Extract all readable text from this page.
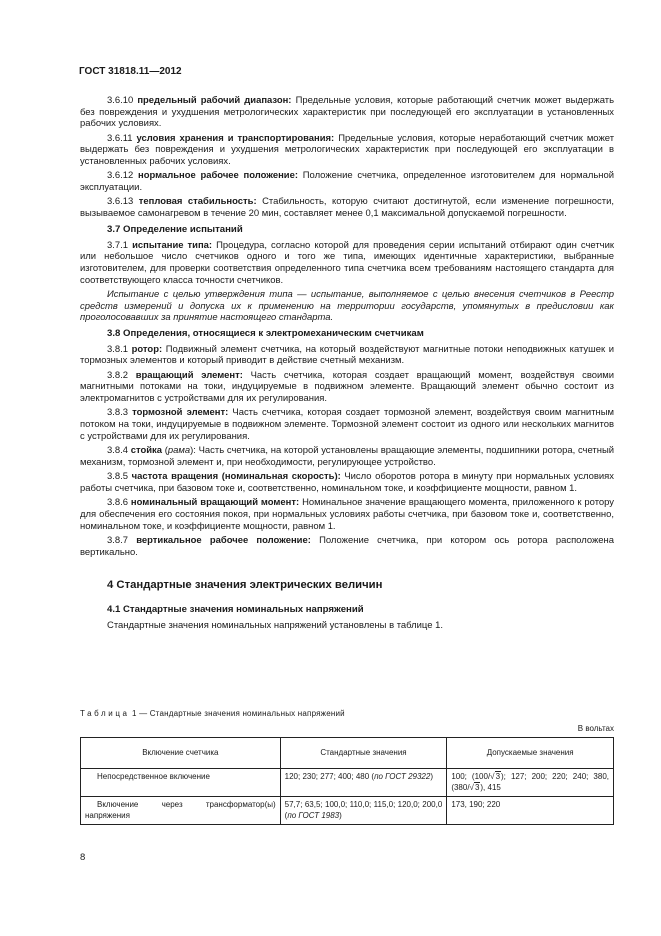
ГОСТ 31818.11—2012

3.6.10 предельный рабочий диапазон: Предельные условия, которые работающий счетчик может выдержать без повреждения и ухудшения метрологических характеристик при последующей его эксплуатации в установленных рабочих условиях.

3.6.11 условия хранения и транспортирования: Предельные условия, которые неработающий счетчик может выдержать без повреждения и ухудшения метрологических характеристик при последующей его эксплуатации в установленных рабочих условиях.

3.6.12 нормальное рабочее положение: Положение счетчика, определенное изготовителем для нормальной эксплуатации.

3.6.13 тепловая стабильность: Стабильность, которую считают достигнутой, если изменение погрешности, вызываемое самонагревом в течение 20 мин, составляет менее 0,1 максимальной допускаемой погрешности.

3.7 Определение испытаний

3.7.1 испытание типа: Процедура, согласно которой для проведения серии испытаний отбирают один счетчик или небольшое число счетчиков одного и того же типа, имеющих идентичные характеристики, выбранные изготовителем, для проверки соответствия определенного типа счетчика всем требованиям настоящего стандарта для соответствующего класса точности счетчиков.

Испытание с целью утверждения типа — испытание, выполняемое с целью внесения счетчиков в Реестр средств измерений и допуска их к применению на территории государств, упомянутых в предисловии как проголосовавших за принятие настоящего стандарта.

3.8 Определения, относящиеся к электромеханическим счетчикам

3.8.1 ротор: Подвижный элемент счетчика, на который воздействуют магнитные потоки неподвижных катушек и тормозных элементов и который приводит в действие счетный механизм.

3.8.2 вращающий элемент: Часть счетчика, которая создает вращающий момент, воздействуя своими магнитными потоками на токи, индуцируемые в подвижном элементе. Вращающий элемент обычно состоит из электромагнитов с устройствами для их регулирования.

3.8.3 тормозной элемент: Часть счетчика, которая создает тормозной элемент, воздействуя своим магнитным потоком на токи, индуцируемые в подвижном элементе. Тормозной элемент состоит из одного или нескольких магнитов с устройствами для их регулирования.

3.8.4 стойка (рама): Часть счетчика, на которой установлены вращающие элементы, подшипники ротора, счетный механизм, тормозной элемент и, при необходимости, регулирующее устройство.

3.8.5 частота вращения (номинальная скорость): Число оборотов ротора в минуту при нормальных условиях работы счетчика, при базовом токе и, соответственно, номинальном токе, и коэффициенте мощности, равном 1.

3.8.6 номинальный вращающий момент: Номинальное значение вращающего момента, приложенного к ротору для обеспечения его состояния покоя, при нормальных условиях работы счетчика, при базовом токе и, соответственно, номинальном токе, и коэффициенте мощности, равном 1.

3.8.7 вертикальное рабочее положение: Положение счетчика, при котором ось ротора расположена вертикально.

4 Стандартные значения электрических величин
4.1 Стандартные значения номинальных напряжений

Стандартные значения номинальных напряжений установлены в таблице 1.

Таблица 1 — Стандартные значения номинальных напряжений
В вольтах
Включение счетчика	Стандартные значения	Допускаемые значения
Непосредственное включение	120; 230; 277; 400; 480 (по ГОСТ 29322)	100; (100/√3); 127; 200; 220; 240; 380, (380/√3), 415
Включение через трансформатор(ы) напряжения	57,7; 63,5; 100,0; 110,0; 115,0; 120,0; 200,0 (по ГОСТ 1983)	173, 190; 220
8
